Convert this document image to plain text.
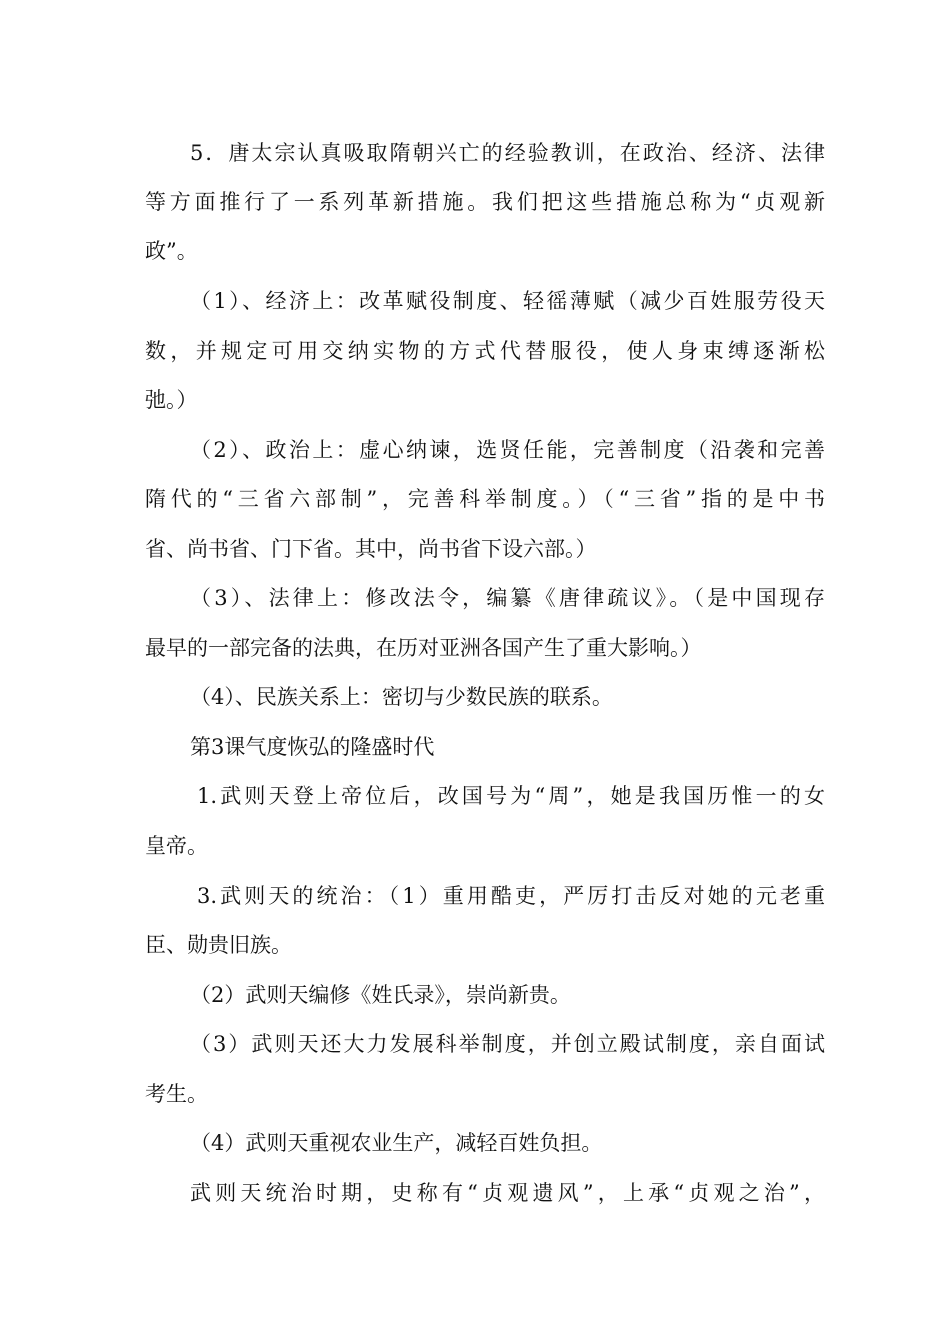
5．唐太宗认真吸取隋朝兴亡的经验教训，在政治、经济、法律
等方面推行了一系列革新措施。我们把这些措施总称为“贞观新
政”。
（1）、经济上：改革赋役制度、轻徭薄赋（减少百姓服劳役天
数，并规定可用交纳实物的方式代替服役，使人身束缚逐渐松
弛。）
（2）、政治上：虚心纳谏，选贤任能，完善制度（沿袭和完善
隋代的“三省六部制”，完善科举制度。）（“三省”指的是中书
省、尚书省、门下省。其中，尚书省下设六部。）
（3）、法律上：修改法令，编纂《唐律疏议》。（是中国现存
最早的一部完备的法典，在历对亚洲各国产生了重大影响。）
（4）、民族关系上：密切与少数民族的联系。
第3课气度恢弘的隆盛时代
1.武则天登上帝位后，改国号为“周”，她是我国历惟一的女
皇帝。
3.武则天的统治：（1）重用酷吏，严厉打击反对她的元老重
臣、勋贵旧族。
（2）武则天编修《姓氏录》，崇尚新贵。
（3）武则天还大力发展科举制度，并创立殿试制度，亲自面试
考生。
（4）武则天重视农业生产，减轻百姓负担。
武则天统治时期，史称有“贞观遗风”，上承“贞观之治”，
